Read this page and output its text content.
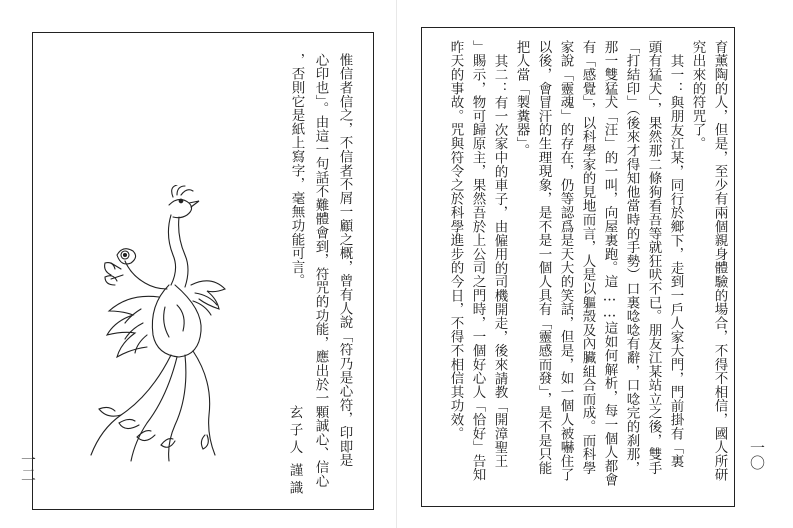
惟信者信之，不信者不屑一顧之概，曾有人說「符乃是心符，印即是
心印也」。由這一句話不難體會到，符咒的功能，應出於一顆誠心、信心
，否則它是紙上寫字，毫無功能可言。
玄子人
謹識
一二	育薰陶的人，但是，至少有兩個親身體驗的場合，不得不相信，國人所研
究出來的符咒了。
其一：與朋友江某，同行於鄉下，走到一戶人家大門，門前掛有「裏
頭有猛犬」，果然那二條狗看吾等就狂吠不已。朋友江某站立之後，雙手
「打結印」（後來才得知他當時的手勢）口裏唸唸有辭，口唸完的刹那，
那一雙猛犬「汪」的一叫，向屋裏跑。這……這如何解析，每一個人都會
有「感覺」，以科學家的見地而言，人是以軀殼及內臟組合而成。而科學
家說「靈魂」的存在，仍等認爲是天大的笑話，但是，如一個人被嚇住了
以後，會冒汗的生理現象，是不是一個人具有「靈感而發」，是不是只能
把人當「製糞器」。
其二：有一次家中的車子，由僱用的司機開走，後來請教「開漳聖王
」賜示，物可歸原主，果然吾於上公司之門時，一個好心人「恰好」告知
昨天的事故。咒與符令之於科學進步的今日，不得不相信其功效。
一〇
